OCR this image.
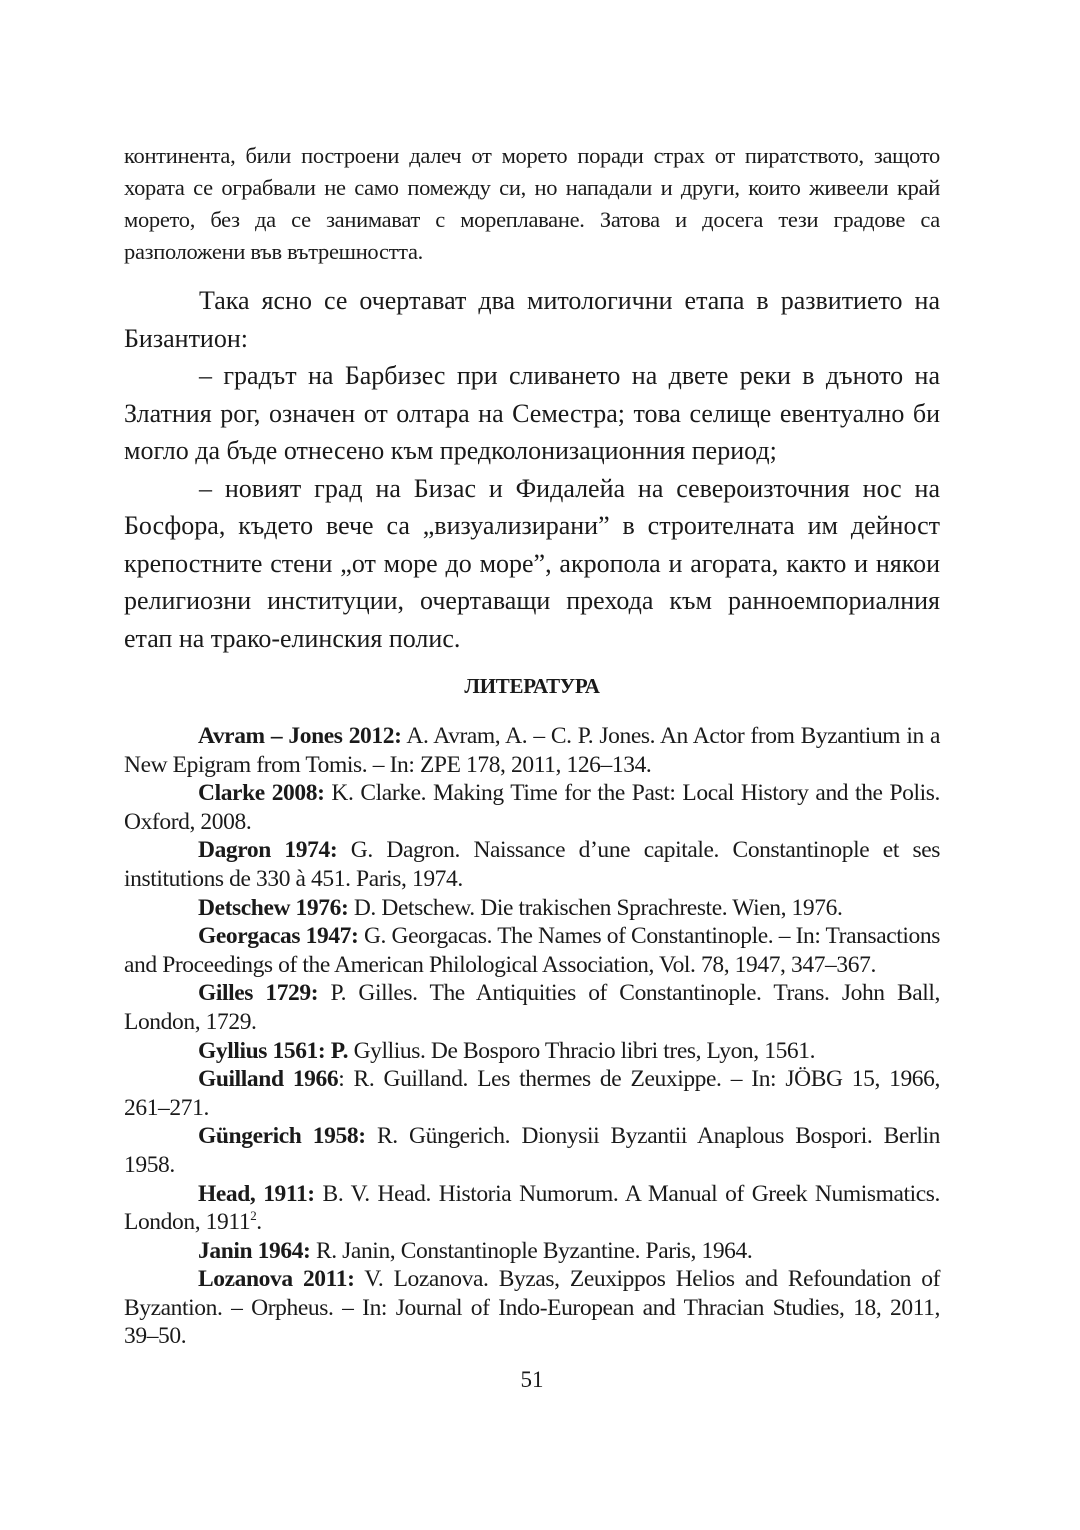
континента, били построени далеч от морето поради страх от пиратството, защото хората се ограбвали не само помежду си, но нападали и други, които живеели край морето, без да се занимават с мореплаване. Затова и досега тези градове са разположени във вътрешността.

Така ясно се очертават два митологични етапа в развитието на Бизантион:

– градът на Барбизес при сливането на двете реки в дъното на Златния рог, означен от олтара на Семестра; това селище евентуално би могло да бъде отнесено към предколонизационния период;

– новият град на Бизас и Фидалейа на североизточния нос на Босфора, където вече са „визуализирани” в строителната им дейност крепостните стени „от море до море”, акропола и агората, както и някои религиозни институции, очертаващи прехода към ранноемпориалния етап на трако-елинския полис.

ЛИТЕРАТУРА

Avram – Jones 2012: A. Avram, A. – C. P. Jones. An Actor from Byzantium in a New Epigram from Tomis. – In: ZPE 178, 2011, 126–134.

Clarke 2008: K. Clarke. Making Time for the Past: Local History and the Polis. Oxford, 2008.

Dagron 1974: G. Dagron. Naissance d’une capitale. Constantinople et ses institutions de 330 à 451. Paris, 1974.

Detschew 1976: D. Detschew. Die trakischen Sprachreste. Wien, 1976.

Georgacas 1947: G. Georgacas. The Names of Constantinople. – In: Transactions and Proceedings of the American Philological Association, Vol. 78, 1947, 347–367.

Gilles 1729: P. Gilles. The Antiquities of Constantinople. Trans. John Ball, London, 1729.

Gyllius 1561: P. Gyllius. De Bosporo Thracio libri tres, Lyon, 1561.

Guilland 1966: R. Guilland. Les thermes de Zeuxippe. – In: JÖBG 15, 1966, 261–271.

Güngerich 1958: R. Güngerich. Dionysii Byzantii Anaplous Bospori. Berlin 1958.

Head, 1911: B. V. Head. Historia Numorum. A Manual of Greek Numismatics. London, 1911$^2$.

Janin 1964: R. Janin, Constantinople Byzantine. Paris, 1964.

Lozanova 2011: V. Lozanova. Byzas, Zeuxippos Helios and Refoundation of Byzantion. – Orpheus. – In: Journal of Indo-European and Thracian Studies, 18, 2011, 39–50.

51
